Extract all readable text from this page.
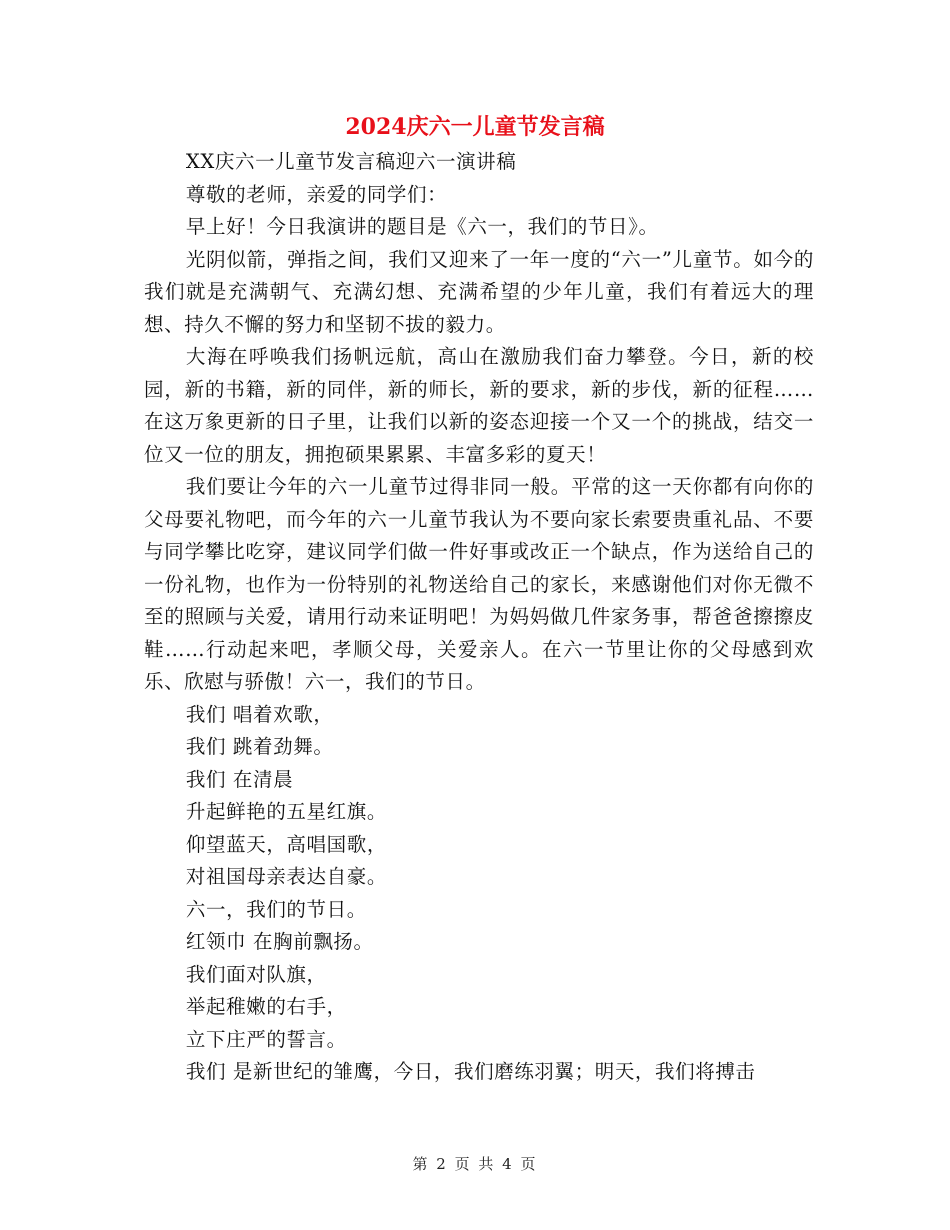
2024庆六一儿童节发言稿

XX庆六一儿童节发言稿迎六一演讲稿

尊敬的老师，亲爱的同学们：

早上好！今日我演讲的题目是《六一，我们的节日》。

光阴似箭，弹指之间，我们又迎来了一年一度的“六一”儿童节。如今的我们就是充满朝气、充满幻想、充满希望的少年儿童，我们有着远大的理想、持久不懈的努力和坚韧不拔的毅力。

大海在呼唤我们扬帆远航，高山在激励我们奋力攀登。今日，新的校园，新的书籍，新的同伴，新的师长，新的要求，新的步伐，新的征程……在这万象更新的日子里，让我们以新的姿态迎接一个又一个的挑战，结交一位又一位的朋友，拥抱硕果累累、丰富多彩的夏天！

我们要让今年的六一儿童节过得非同一般。平常的这一天你都有向你的父母要礼物吧，而今年的六一儿童节我认为不要向家长索要贵重礼品、不要与同学攀比吃穿，建议同学们做一件好事或改正一个缺点，作为送给自己的一份礼物，也作为一份特别的礼物送给自己的家长，来感谢他们对你无微不至的照顾与关爱，请用行动来证明吧！为妈妈做几件家务事，帮爸爸擦擦皮鞋……行动起来吧，孝顺父母，关爱亲人。在六一节里让你的父母感到欢乐、欣慰与骄傲！六一，我们的节日。

我们 唱着欢歌，

我们 跳着劲舞。

我们 在清晨

升起鲜艳的五星红旗。

仰望蓝天，高唱国歌，

对祖国母亲表达自豪。

六一，我们的节日。

红领巾 在胸前飘扬。

我们面对队旗，

举起稚嫩的右手，

立下庄严的誓言。

我们 是新世纪的雏鹰，今日，我们磨练羽翼；明天，我们将搏击

第 2 页 共 4 页
